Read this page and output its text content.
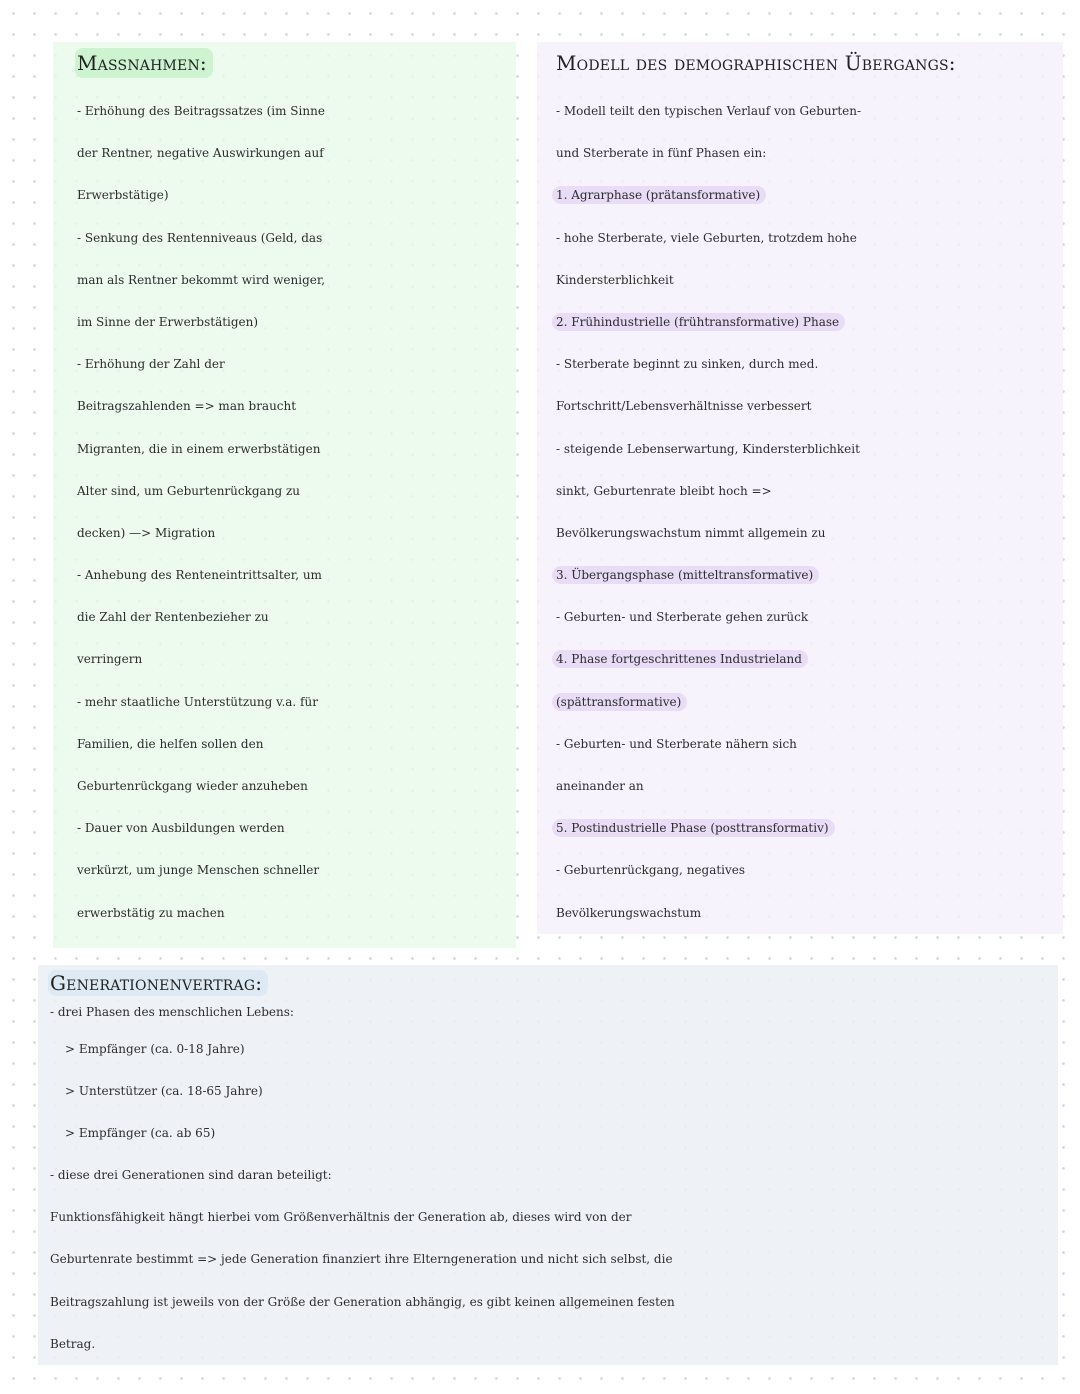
Massnahmen:
- Erhöhung des Beitragssatzes (im Sinne
der Rentner, negative Auswirkungen auf
Erwerbstätige)
- Senkung des Rentenniveaus (Geld, das
man als Rentner bekommt wird weniger,
im Sinne der Erwerbstätigen)
- Erhöhung der Zahl der
Beitragszahlenden => man braucht
Migranten, die in einem erwerbstätigen
Alter sind, um Geburtenrückgang zu
decken) —> Migration
- Anhebung des Renteneintrittsalter, um
die Zahl der Rentenbezieher zu
verringern
- mehr staatliche Unterstützung v.a. für
Familien, die helfen sollen den
Geburtenrückgang wieder anzuheben
- Dauer von Ausbildungen werden
verkürzt, um junge Menschen schneller
erwerbstätig zu machen
Modell des demographischen Übergangs:
- Modell teilt den typischen Verlauf von Geburten-
und Sterberate in fünf Phasen ein:
1. Agrarphase (prätansformative)
- hohe Sterberate, viele Geburten, trotzdem hohe
Kindersterblichkeit
2. Frühindustrielle (frühtransformative) Phase
- Sterberate beginnt zu sinken, durch med.
Fortschritt/Lebensverhältnisse verbessert
- steigende Lebenserwartung, Kindersterblichkeit
sinkt, Geburtenrate bleibt hoch =>
Bevölkerungswachstum nimmt allgemein zu
3. Übergangsphase (mitteltransformative)
- Geburten- und Sterberate gehen zurück
4. Phase fortgeschrittenes Industrieland
(spättransformative)
- Geburten- und Sterberate nähern sich
aneinander an
5. Postindustrielle Phase (posttransformativ)
- Geburtenrückgang, negatives
Bevölkerungswachstum
Generationenvertrag:
- drei Phasen des menschlichen Lebens:
> Empfänger (ca. 0-18 Jahre)
> Unterstützer (ca. 18-65 Jahre)
> Empfänger (ca. ab 65)
- diese drei Generationen sind daran beteiligt:
Funktionsfähigkeit hängt hierbei vom Größenverhältnis der Generation ab, dieses wird von der
Geburtenrate bestimmt => jede Generation finanziert ihre Elterngeneration und nicht sich selbst, die
Beitragszahlung ist jeweils von der Größe der Generation abhängig, es gibt keinen allgemeinen festen
Betrag.
